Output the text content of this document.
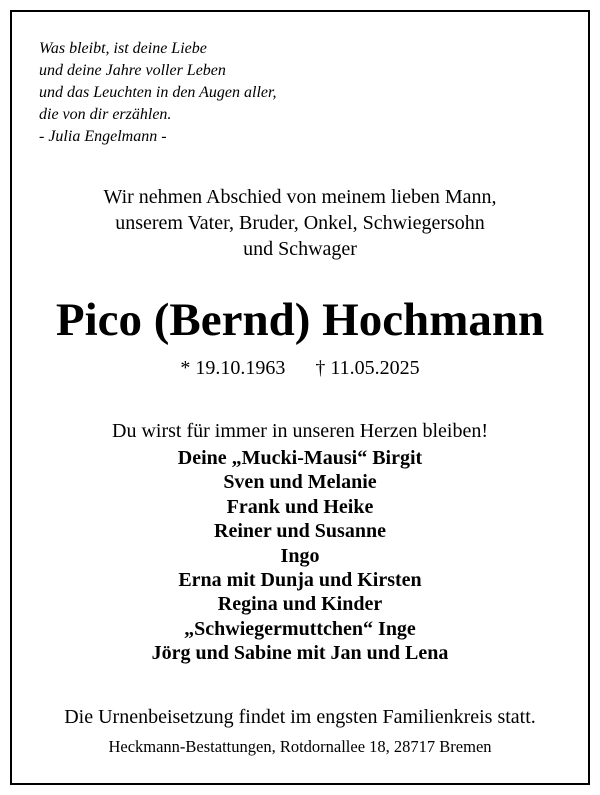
Was bleibt, ist deine Liebe
und deine Jahre voller Leben
und das Leuchten in den Augen aller,
die von dir erzählen.
- Julia Engelmann -
Wir nehmen Abschied von meinem lieben Mann,
unserem Vater, Bruder, Onkel, Schwiegersohn
und Schwager
Pico (Bernd) Hochmann
* 19.10.1963 † 11.05.2025
Du wirst für immer in unseren Herzen bleiben!
Deine „Mucki-Mausi“ Birgit
Sven und Melanie
Frank und Heike
Reiner und Susanne
Ingo
Erna mit Dunja und Kirsten
Regina und Kinder
„Schwiegermuttchen“ Inge
Jörg und Sabine mit Jan und Lena
Die Urnenbeisetzung findet im engsten Familienkreis statt.
Heckmann-Bestattungen, Rotdornallee 18, 28717 Bremen
